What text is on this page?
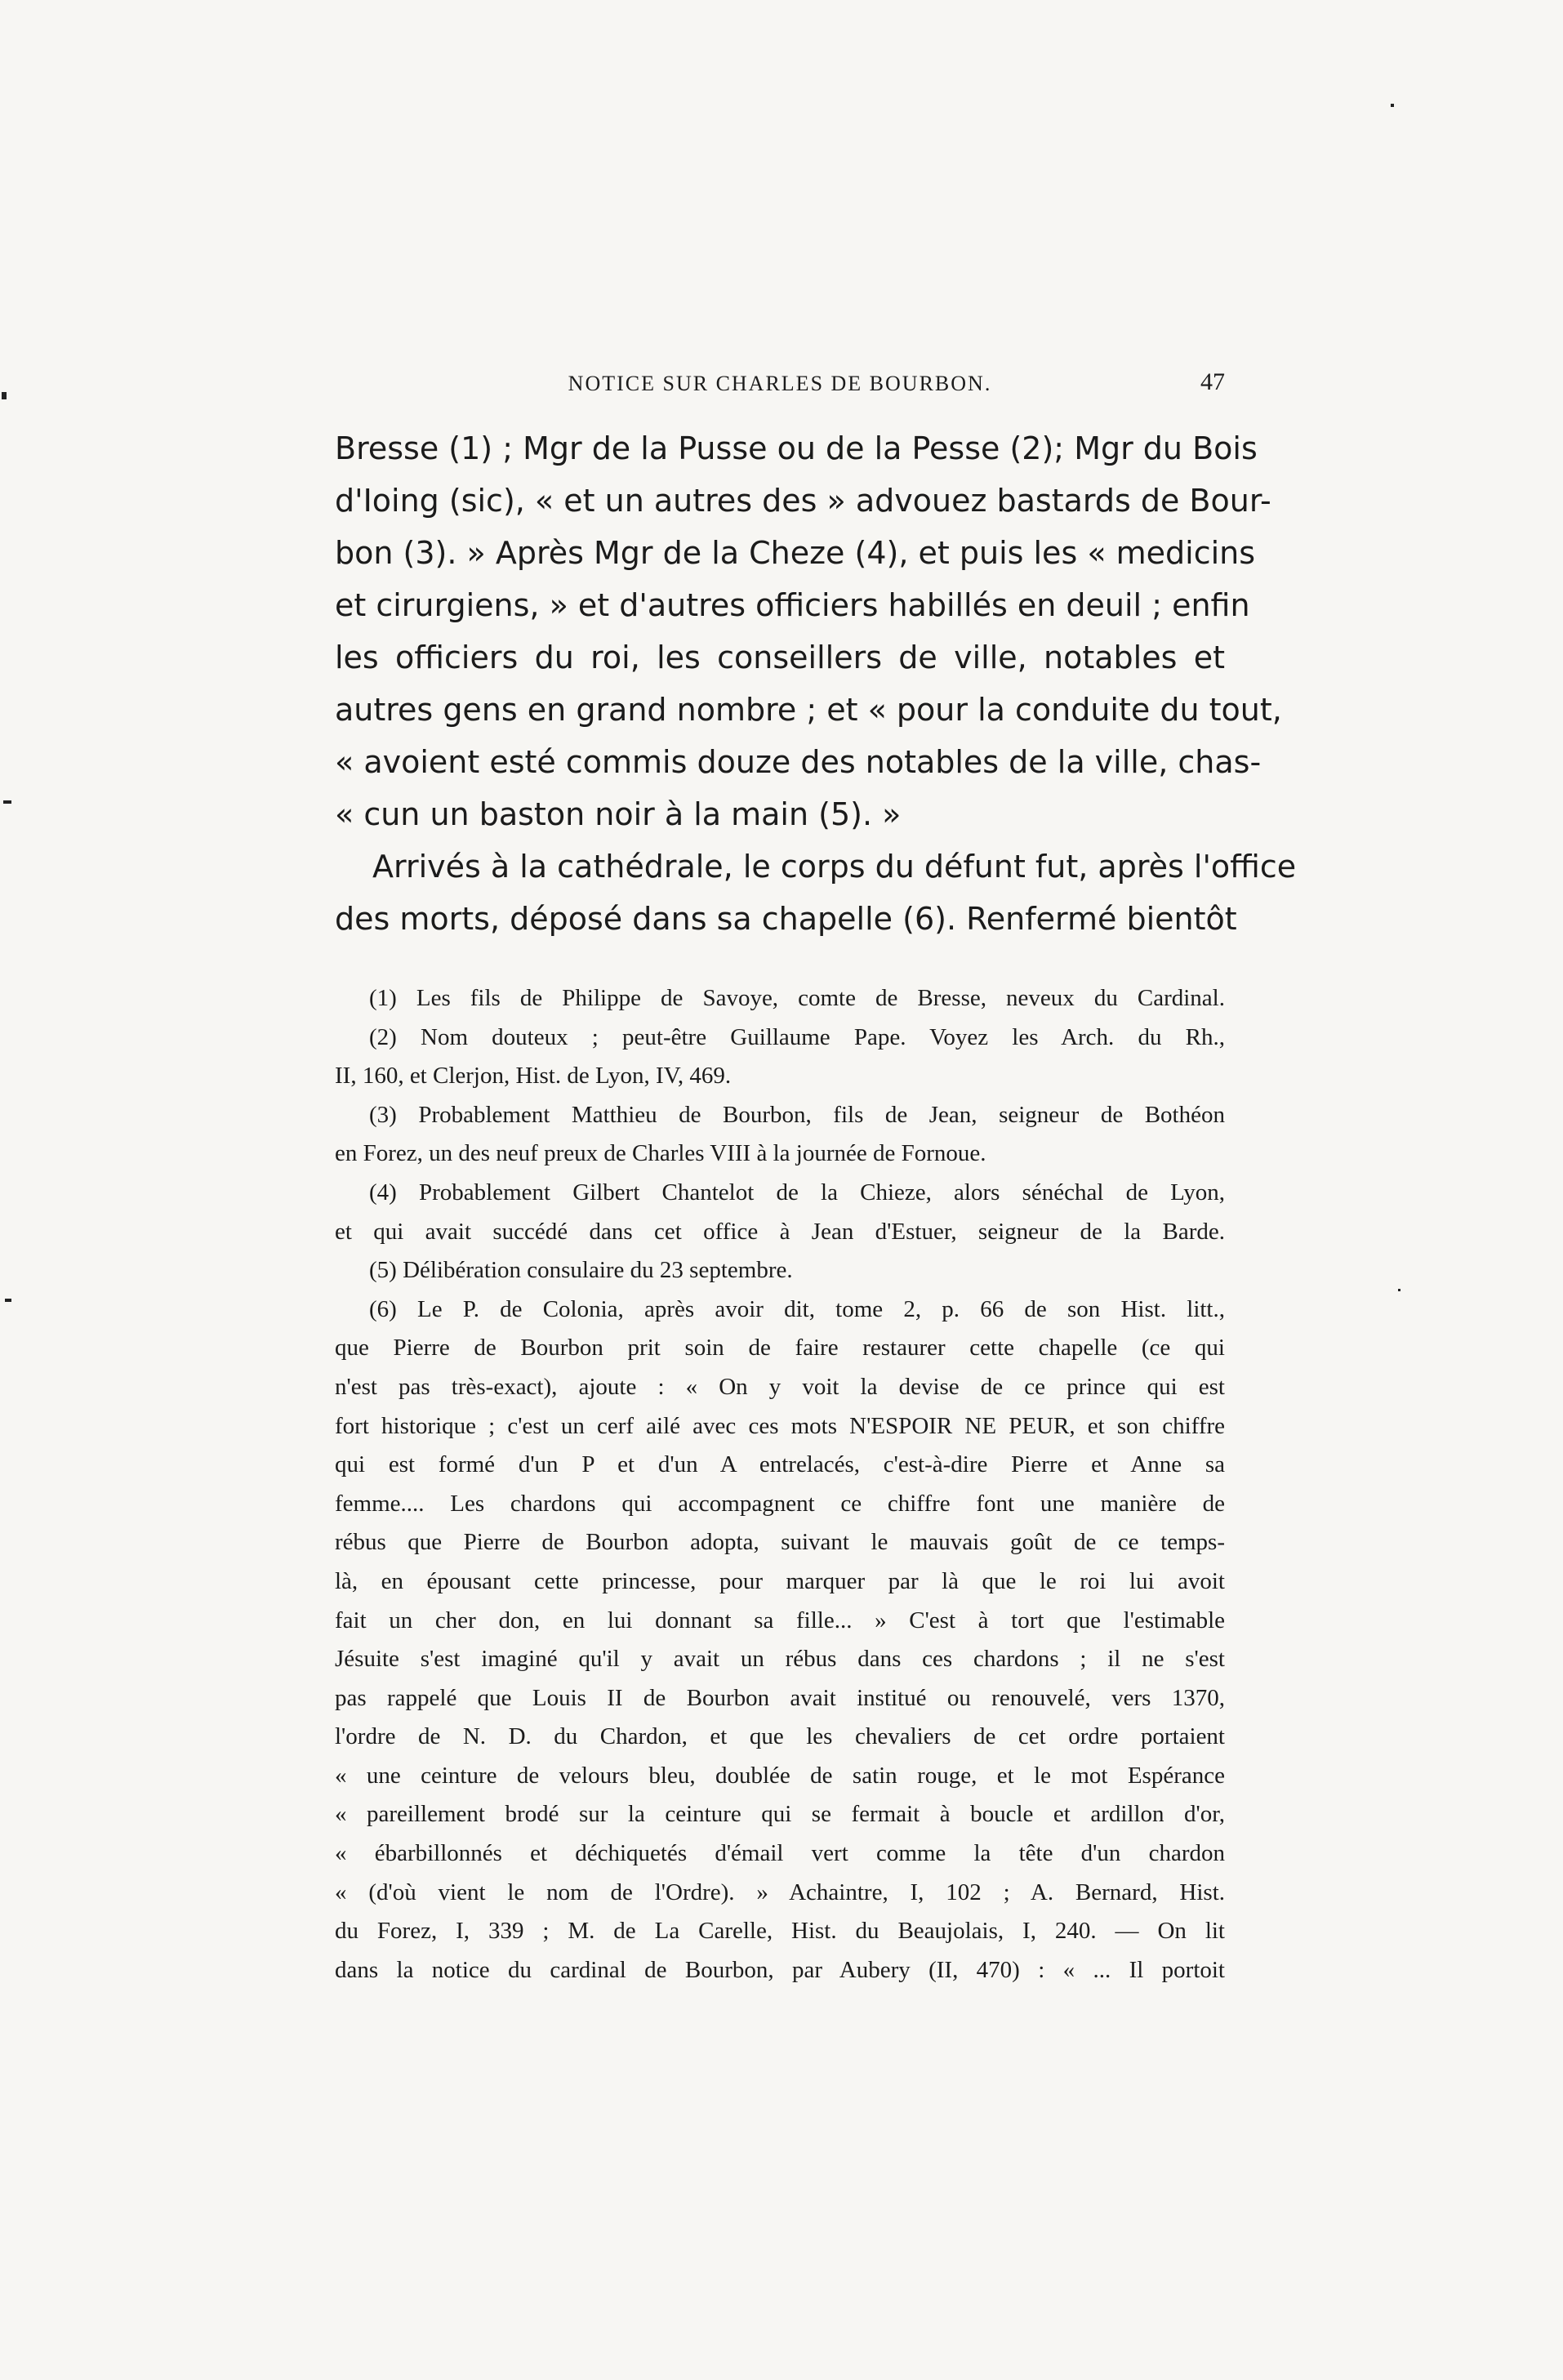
NOTICE SUR CHARLES DE BOURBON.	47
Bresse (1) ; Mgr de la Pusse ou de la Pesse (2); Mgr du Bois
d'Ioing (sic), « et un autres des » advouez bastards de Bour-
bon (3). » Après Mgr de la Cheze (4), et puis les « medicins
et cirurgiens, » et d'autres officiers habillés en deuil ; enfin
les officiers du roi, les conseillers de ville, notables et
autres gens en grand nombre ; et « pour la conduite du tout,
« avoient esté commis douze des notables de la ville, chas-
« cun un baston noir à la main (5). »
Arrivés à la cathédrale, le corps du défunt fut, après l'office
des morts, déposé dans sa chapelle (6). Renfermé bientôt
(1) Les fils de Philippe de Savoye, comte de Bresse, neveux du Cardinal.
(2) Nom douteux ; peut-être Guillaume Pape. Voyez les Arch. du Rh.,
II, 160, et Clerjon, Hist. de Lyon, IV, 469.
(3) Probablement Matthieu de Bourbon, fils de Jean, seigneur de Bothéon
en Forez, un des neuf preux de Charles VIII à la journée de Fornoue.
(4) Probablement Gilbert Chantelot de la Chieze, alors sénéchal de Lyon,
et qui avait succédé dans cet office à Jean d'Estuer, seigneur de la Barde.
(5) Délibération consulaire du 23 septembre.
(6) Le P. de Colonia, après avoir dit, tome 2, p. 66 de son Hist. litt.,
que Pierre de Bourbon prit soin de faire restaurer cette chapelle (ce qui
n'est pas très-exact), ajoute : « On y voit la devise de ce prince qui est
fort historique ; c'est un cerf ailé avec ces mots N'ESPOIR NE PEUR, et son chiffre
qui est formé d'un P et d'un A entrelacés, c'est-à-dire Pierre et Anne sa
femme.... Les chardons qui accompagnent ce chiffre font une manière de
rébus que Pierre de Bourbon adopta, suivant le mauvais goût de ce temps-
là, en épousant cette princesse, pour marquer par là que le roi lui avoit
fait un cher don, en lui donnant sa fille... » C'est à tort que l'estimable
Jésuite s'est imaginé qu'il y avait un rébus dans ces chardons ; il ne s'est
pas rappelé que Louis II de Bourbon avait institué ou renouvelé, vers 1370,
l'ordre de N. D. du Chardon, et que les chevaliers de cet ordre portaient
« une ceinture de velours bleu, doublée de satin rouge, et le mot Espérance
« pareillement brodé sur la ceinture qui se fermait à boucle et ardillon d'or,
« ébarbillonnés et déchiquetés d'émail vert comme la tête d'un chardon
« (d'où vient le nom de l'Ordre). » Achaintre, I, 102 ; A. Bernard, Hist.
du Forez, I, 339 ; M. de La Carelle, Hist. du Beaujolais, I, 240. — On lit
dans la notice du cardinal de Bourbon, par Aubery (II, 470) : « ... Il portoit
